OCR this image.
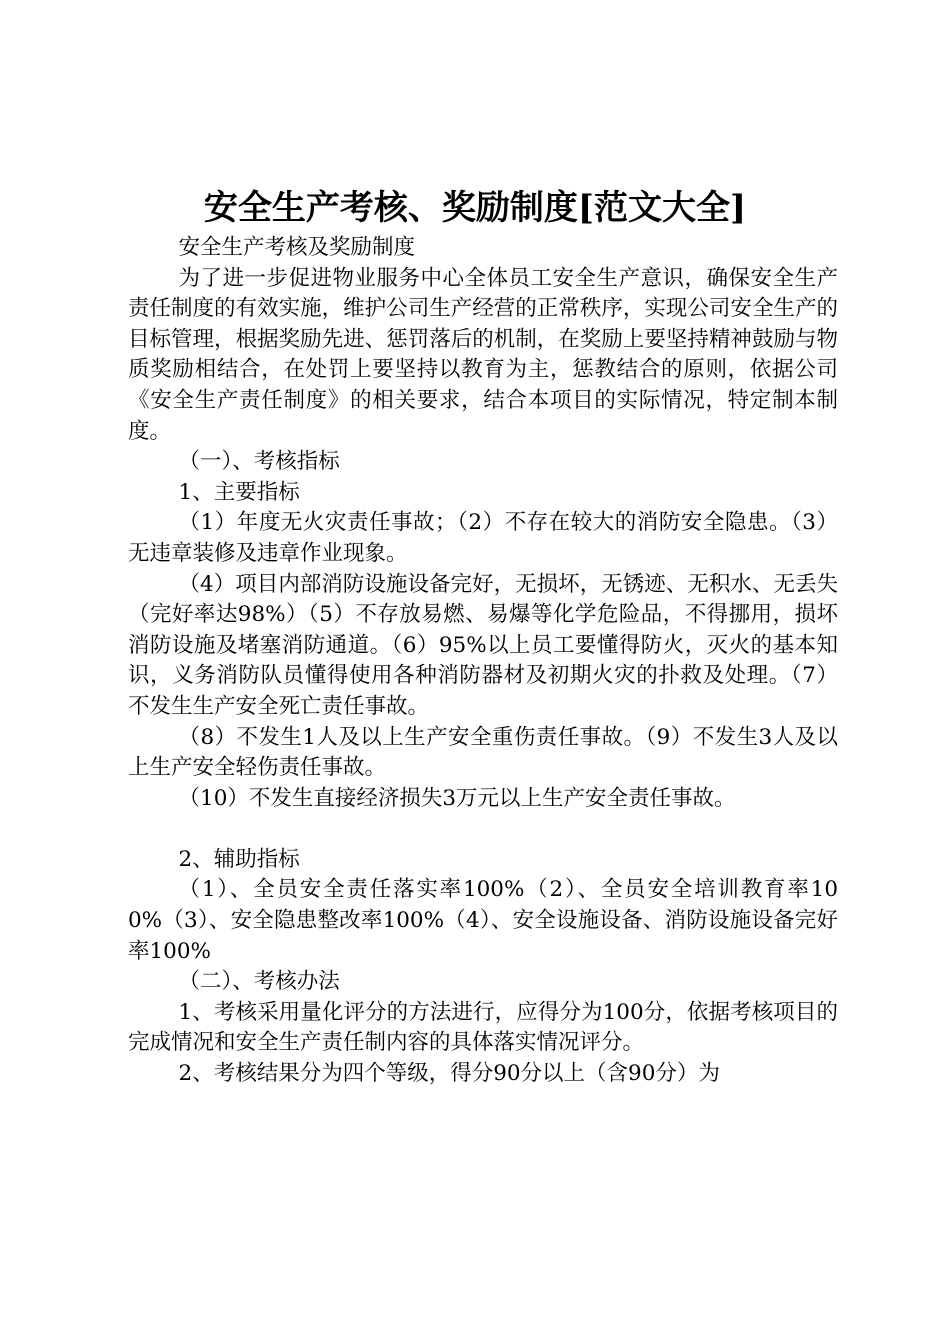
安全生产考核、奖励制度[范文大全]

安全生产考核及奖励制度

为了进一步促进物业服务中心全体员工安全生产意识，确保安全生产责任制度的有效实施，维护公司生产经营的正常秩序，实现公司安全生产的目标管理，根据奖励先进、惩罚落后的机制，在奖励上要坚持精神鼓励与物质奖励相结合，在处罚上要坚持以教育为主，惩教结合的原则，依据公司《安全生产责任制度》的相关要求，结合本项目的实际情况，特定制本制度。

（一）、考核指标

1、主要指标

（1）年度无火灾责任事故；（2）不存在较大的消防安全隐患。（3）无违章装修及违章作业现象。

（4）项目内部消防设施设备完好，无损坏，无锈迹、无积水、无丢失（完好率达98%）（5）不存放易燃、易爆等化学危险品，不得挪用，损坏消防设施及堵塞消防通道。（6）95%以上员工要懂得防火，灭火的基本知识，义务消防队员懂得使用各种消防器材及初期火灾的扑救及处理。（7）不发生生产安全死亡责任事故。

（8）不发生1人及以上生产安全重伤责任事故。（9）不发生3人及以上生产安全轻伤责任事故。

（10）不发生直接经济损失3万元以上生产安全责任事故。

2、辅助指标

（1）、全员安全责任落实率100%（2）、全员安全培训教育率100%（3）、安全隐患整改率100%（4）、安全设施设备、消防设施设备完好率100%

（二）、考核办法

1、考核采用量化评分的方法进行，应得分为100分，依据考核项目的完成情况和安全生产责任制内容的具体落实情况评分。

2、考核结果分为四个等级，得分90分以上（含90分）为
